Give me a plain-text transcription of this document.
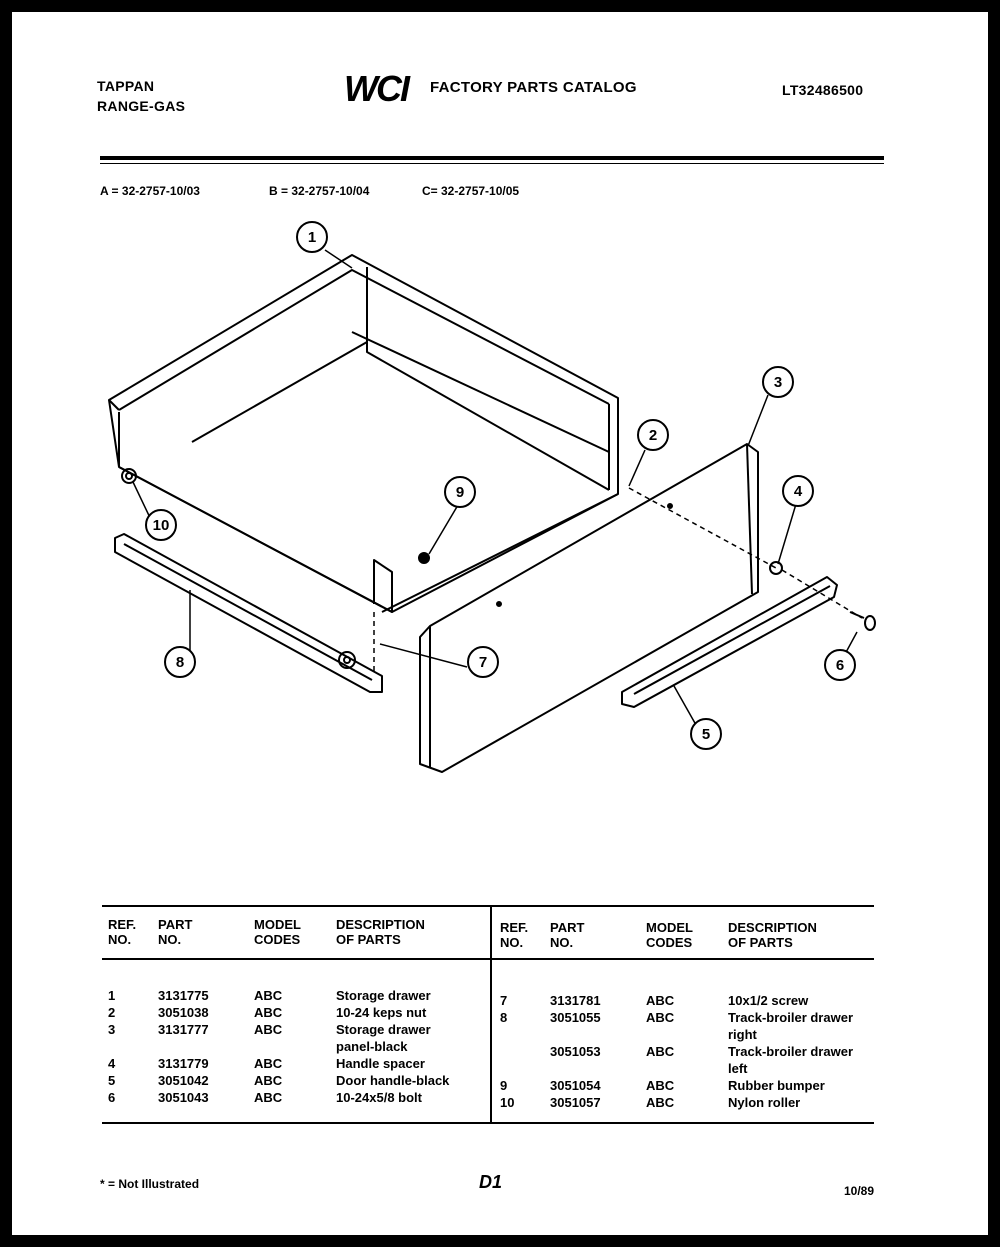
TAPPAN
RANGE-GAS	WCI FACTORY PARTS CATALOG	LT32486500
A = 32-2757-10/03	B = 32-2757-10/04	C= 32-2757-10/05
1
2
3
4
5
6
7
8
9
10
REF.	PART	MODEL	DESCRIPTION
NO.	NO.	CODES	OF PARTS
REF.	PART	MODEL	DESCRIPTION
NO.	NO.	CODES	OF PARTS
1	3131775	ABC	Storage drawer
2	3051038	ABC	10-24 keps nut
3	3131777	ABC	Storage drawer
			panel-black
4	3131779	ABC	Handle spacer
5	3051042	ABC	Door handle-black
6	3051043	ABC	10-24x5/8 bolt
7	3131781	ABC	10x1/2 screw
8	3051055	ABC	Track-broiler drawer
			right
	3051053	ABC	Track-broiler drawer
			left
9	3051054	ABC	Rubber bumper
10	3051057	ABC	Nylon roller
* = Not Illustrated	D1	10/89
